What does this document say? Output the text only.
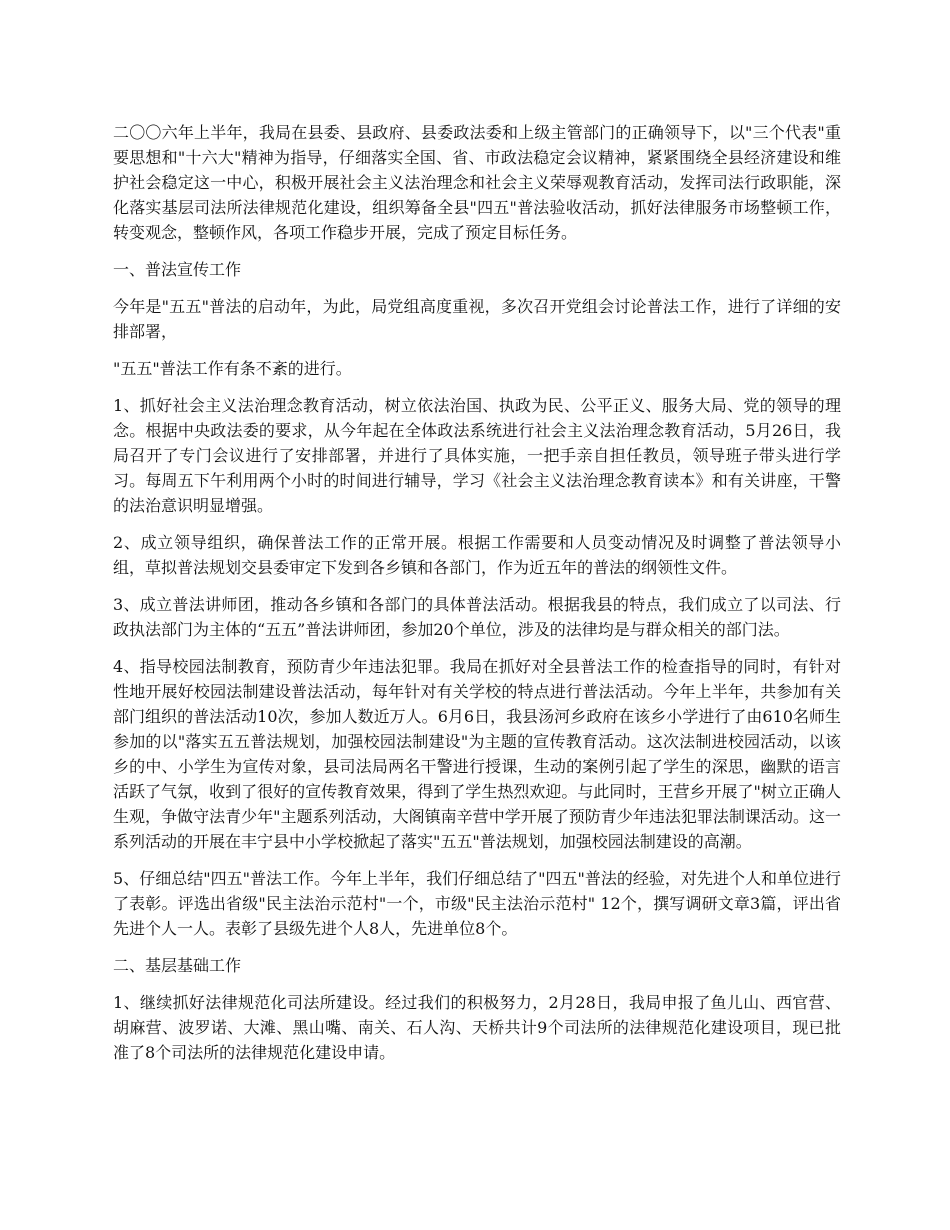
二〇〇六年上半年，我局在县委、县政府、县委政法委和上级主管部门的正确领导下，以"三个代表"重要思想和"十六大"精神为指导，仔细落实全国、省、市政法稳定会议精神，紧紧围绕全县经济建设和维护社会稳定这一中心，积极开展社会主义法治理念和社会主义荣辱观教育活动，发挥司法行政职能，深化落实基层司法所法律规范化建设，组织筹备全县"四五"普法验收活动，抓好法律服务市场整顿工作，转变观念，整顿作风，各项工作稳步开展，完成了预定目标任务。

一、普法宣传工作

今年是"五五"普法的启动年，为此，局党组高度重视，多次召开党组会讨论普法工作，进行了详细的安排部署，

"五五"普法工作有条不紊的进行。

1、抓好社会主义法治理念教育活动，树立依法治国、执政为民、公平正义、服务大局、党的领导的理念。根据中央政法委的要求，从今年起在全体政法系统进行社会主义法治理念教育活动，5月26日，我局召开了专门会议进行了安排部署，并进行了具体实施，一把手亲自担任教员，领导班子带头进行学习。每周五下午利用两个小时的时间进行辅导，学习《社会主义法治理念教育读本》和有关讲座，干警的法治意识明显增强。

2、成立领导组织，确保普法工作的正常开展。根据工作需要和人员变动情况及时调整了普法领导小组，草拟普法规划交县委审定下发到各乡镇和各部门，作为近五年的普法的纲领性文件。

3、成立普法讲师团，推动各乡镇和各部门的具体普法活动。根据我县的特点，我们成立了以司法、行政执法部门为主体的“五五”普法讲师团，参加20个单位，涉及的法律均是与群众相关的部门法。

4、指导校园法制教育，预防青少年违法犯罪。我局在抓好对全县普法工作的检查指导的同时，有针对性地开展好校园法制建设普法活动，每年针对有关学校的特点进行普法活动。今年上半年，共参加有关部门组织的普法活动10次，参加人数近万人。6月6日，我县汤河乡政府在该乡小学进行了由610名师生参加的以"落实五五普法规划，加强校园法制建设"为主题的宣传教育活动。这次法制进校园活动，以该乡的中、小学生为宣传对象，县司法局两名干警进行授课，生动的案例引起了学生的深思，幽默的语言活跃了气氛，收到了很好的宣传教育效果，得到了学生热烈欢迎。与此同时，王营乡开展了"树立正确人生观，争做守法青少年"主题系列活动，大阁镇南辛营中学开展了预防青少年违法犯罪法制课活动。这一系列活动的开展在丰宁县中小学校掀起了落实"五五"普法规划，加强校园法制建设的高潮。

5、仔细总结"四五"普法工作。今年上半年，我们仔细总结了"四五"普法的经验，对先进个人和单位进行了表彰。评选出省级"民主法治示范村"一个，市级"民主法治示范村" 12个，撰写调研文章3篇，评出省先进个人一人。表彰了县级先进个人8人，先进单位8个。

二、基层基础工作

1、继续抓好法律规范化司法所建设。经过我们的积极努力，2月28日，我局申报了鱼儿山、西官营、胡麻营、波罗诺、大滩、黑山嘴、南关、石人沟、天桥共计9个司法所的法律规范化建设项目，现已批准了8个司法所的法律规范化建设申请。
